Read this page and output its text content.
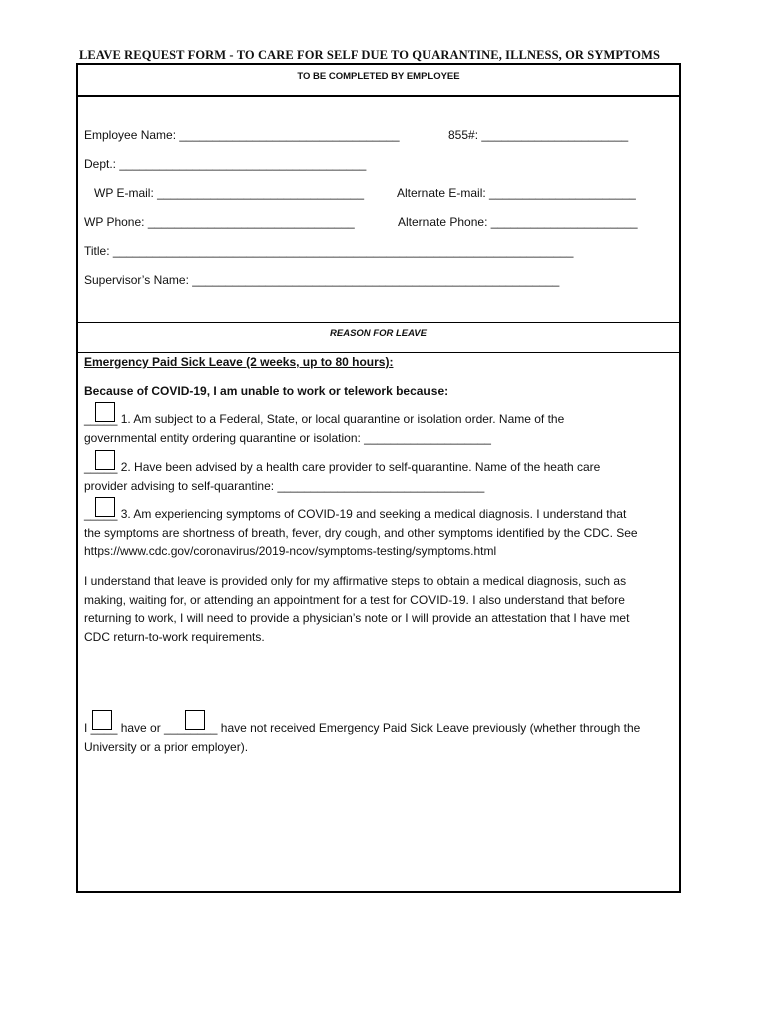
LEAVE REQUEST FORM - TO CARE FOR SELF DUE TO QUARANTINE, ILLNESS, OR SYMPTOMS
TO BE COMPLETED BY EMPLOYEE
Employee Name: _________________________________	855#: ______________________
Dept.: _____________________________________
WP E-mail: _______________________________	Alternate E-mail: ______________________
WP Phone: _______________________________	Alternate Phone: ______________________
Title: _____________________________________________________________________
Supervisor’s Name: _______________________________________________________
REASON FOR LEAVE
Emergency Paid Sick Leave (2 weeks, up to 80 hours):
Because of COVID-19, I am unable to work or telework because:
_____ 1. Am subject to a Federal, State, or local quarantine or isolation order. Name of the
governmental entity ordering quarantine or isolation: ___________________
_____ 2. Have been advised by a health care provider to self-quarantine. Name of the heath care
provider advising to self-quarantine: _______________________________
_____ 3. Am experiencing symptoms of COVID-19 and seeking a medical diagnosis. I understand that
the symptoms are shortness of breath, fever, dry cough, and other symptoms identified by the CDC. See
https://www.cdc.gov/coronavirus/2019-ncov/symptoms-testing/symptoms.html
I understand that leave is provided only for my affirmative steps to obtain a medical diagnosis, such as
making, waiting for, or attending an appointment for a test for COVID-19. I also understand that before
returning to work, I will need to provide a physician’s note or I will provide an attestation that I have met
CDC return-to-work requirements.
I ____ have or ________ have not received Emergency Paid Sick Leave previously (whether through the
University or a prior employer).
